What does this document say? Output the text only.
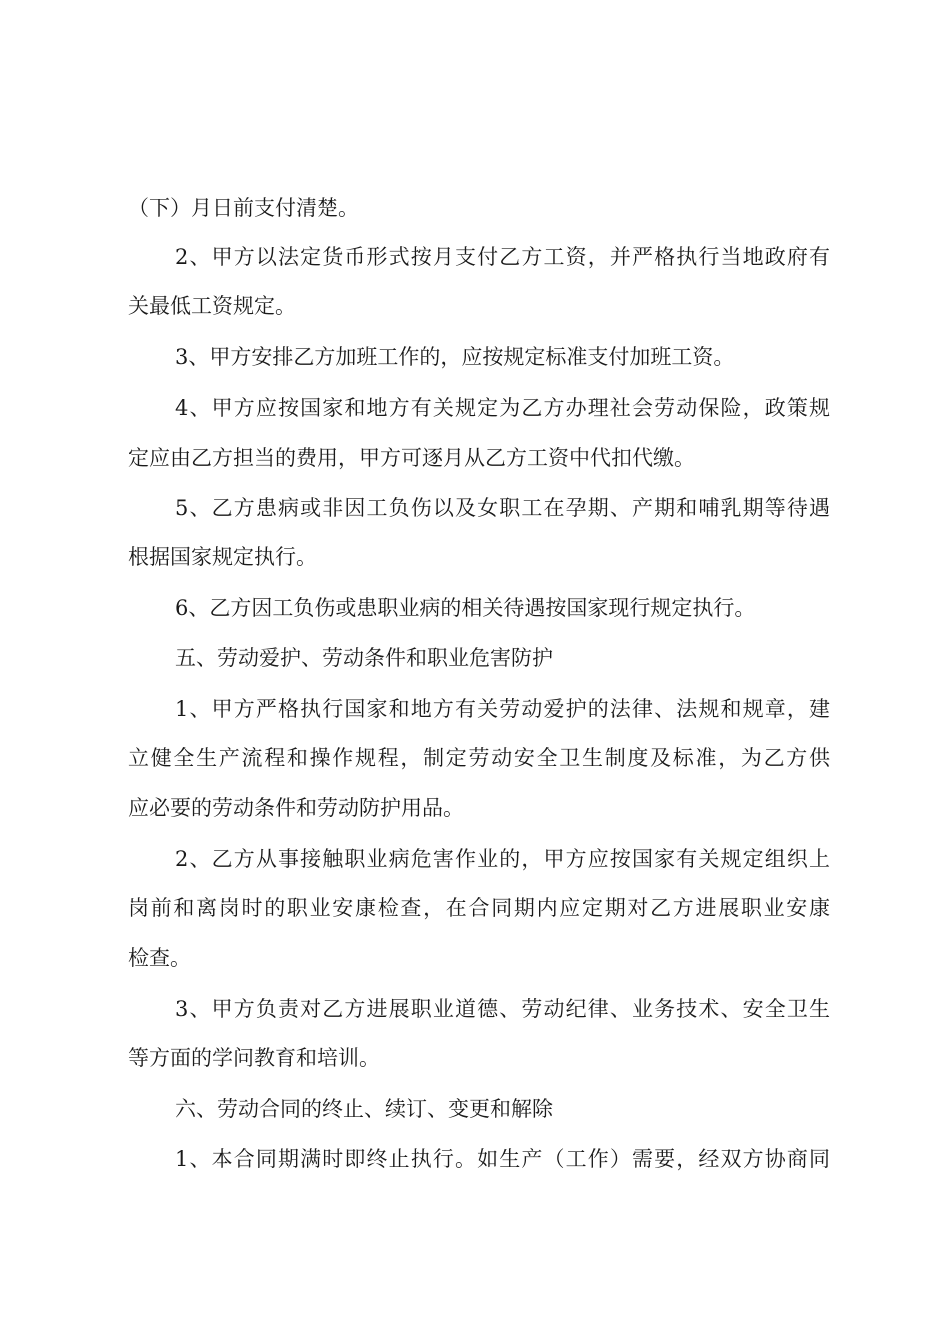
（下）月日前支付清楚。
2、甲方以法定货币形式按月支付乙方工资，并严格执行当地政府有
关最低工资规定。
3、甲方安排乙方加班工作的，应按规定标准支付加班工资。
4、甲方应按国家和地方有关规定为乙方办理社会劳动保险，政策规
定应由乙方担当的费用，甲方可逐月从乙方工资中代扣代缴。
5、乙方患病或非因工负伤以及女职工在孕期、产期和哺乳期等待遇
根据国家规定执行。
6、乙方因工负伤或患职业病的相关待遇按国家现行规定执行。
五、劳动爱护、劳动条件和职业危害防护
1、甲方严格执行国家和地方有关劳动爱护的法律、法规和规章，建
立健全生产流程和操作规程，制定劳动安全卫生制度及标准，为乙方供
应必要的劳动条件和劳动防护用品。
2、乙方从事接触职业病危害作业的，甲方应按国家有关规定组织上
岗前和离岗时的职业安康检查，在合同期内应定期对乙方进展职业安康
检查。
3、甲方负责对乙方进展职业道德、劳动纪律、业务技术、安全卫生
等方面的学问教育和培训。
六、劳动合同的终止、续订、变更和解除
1、本合同期满时即终止执行。如生产（工作）需要，经双方协商同
